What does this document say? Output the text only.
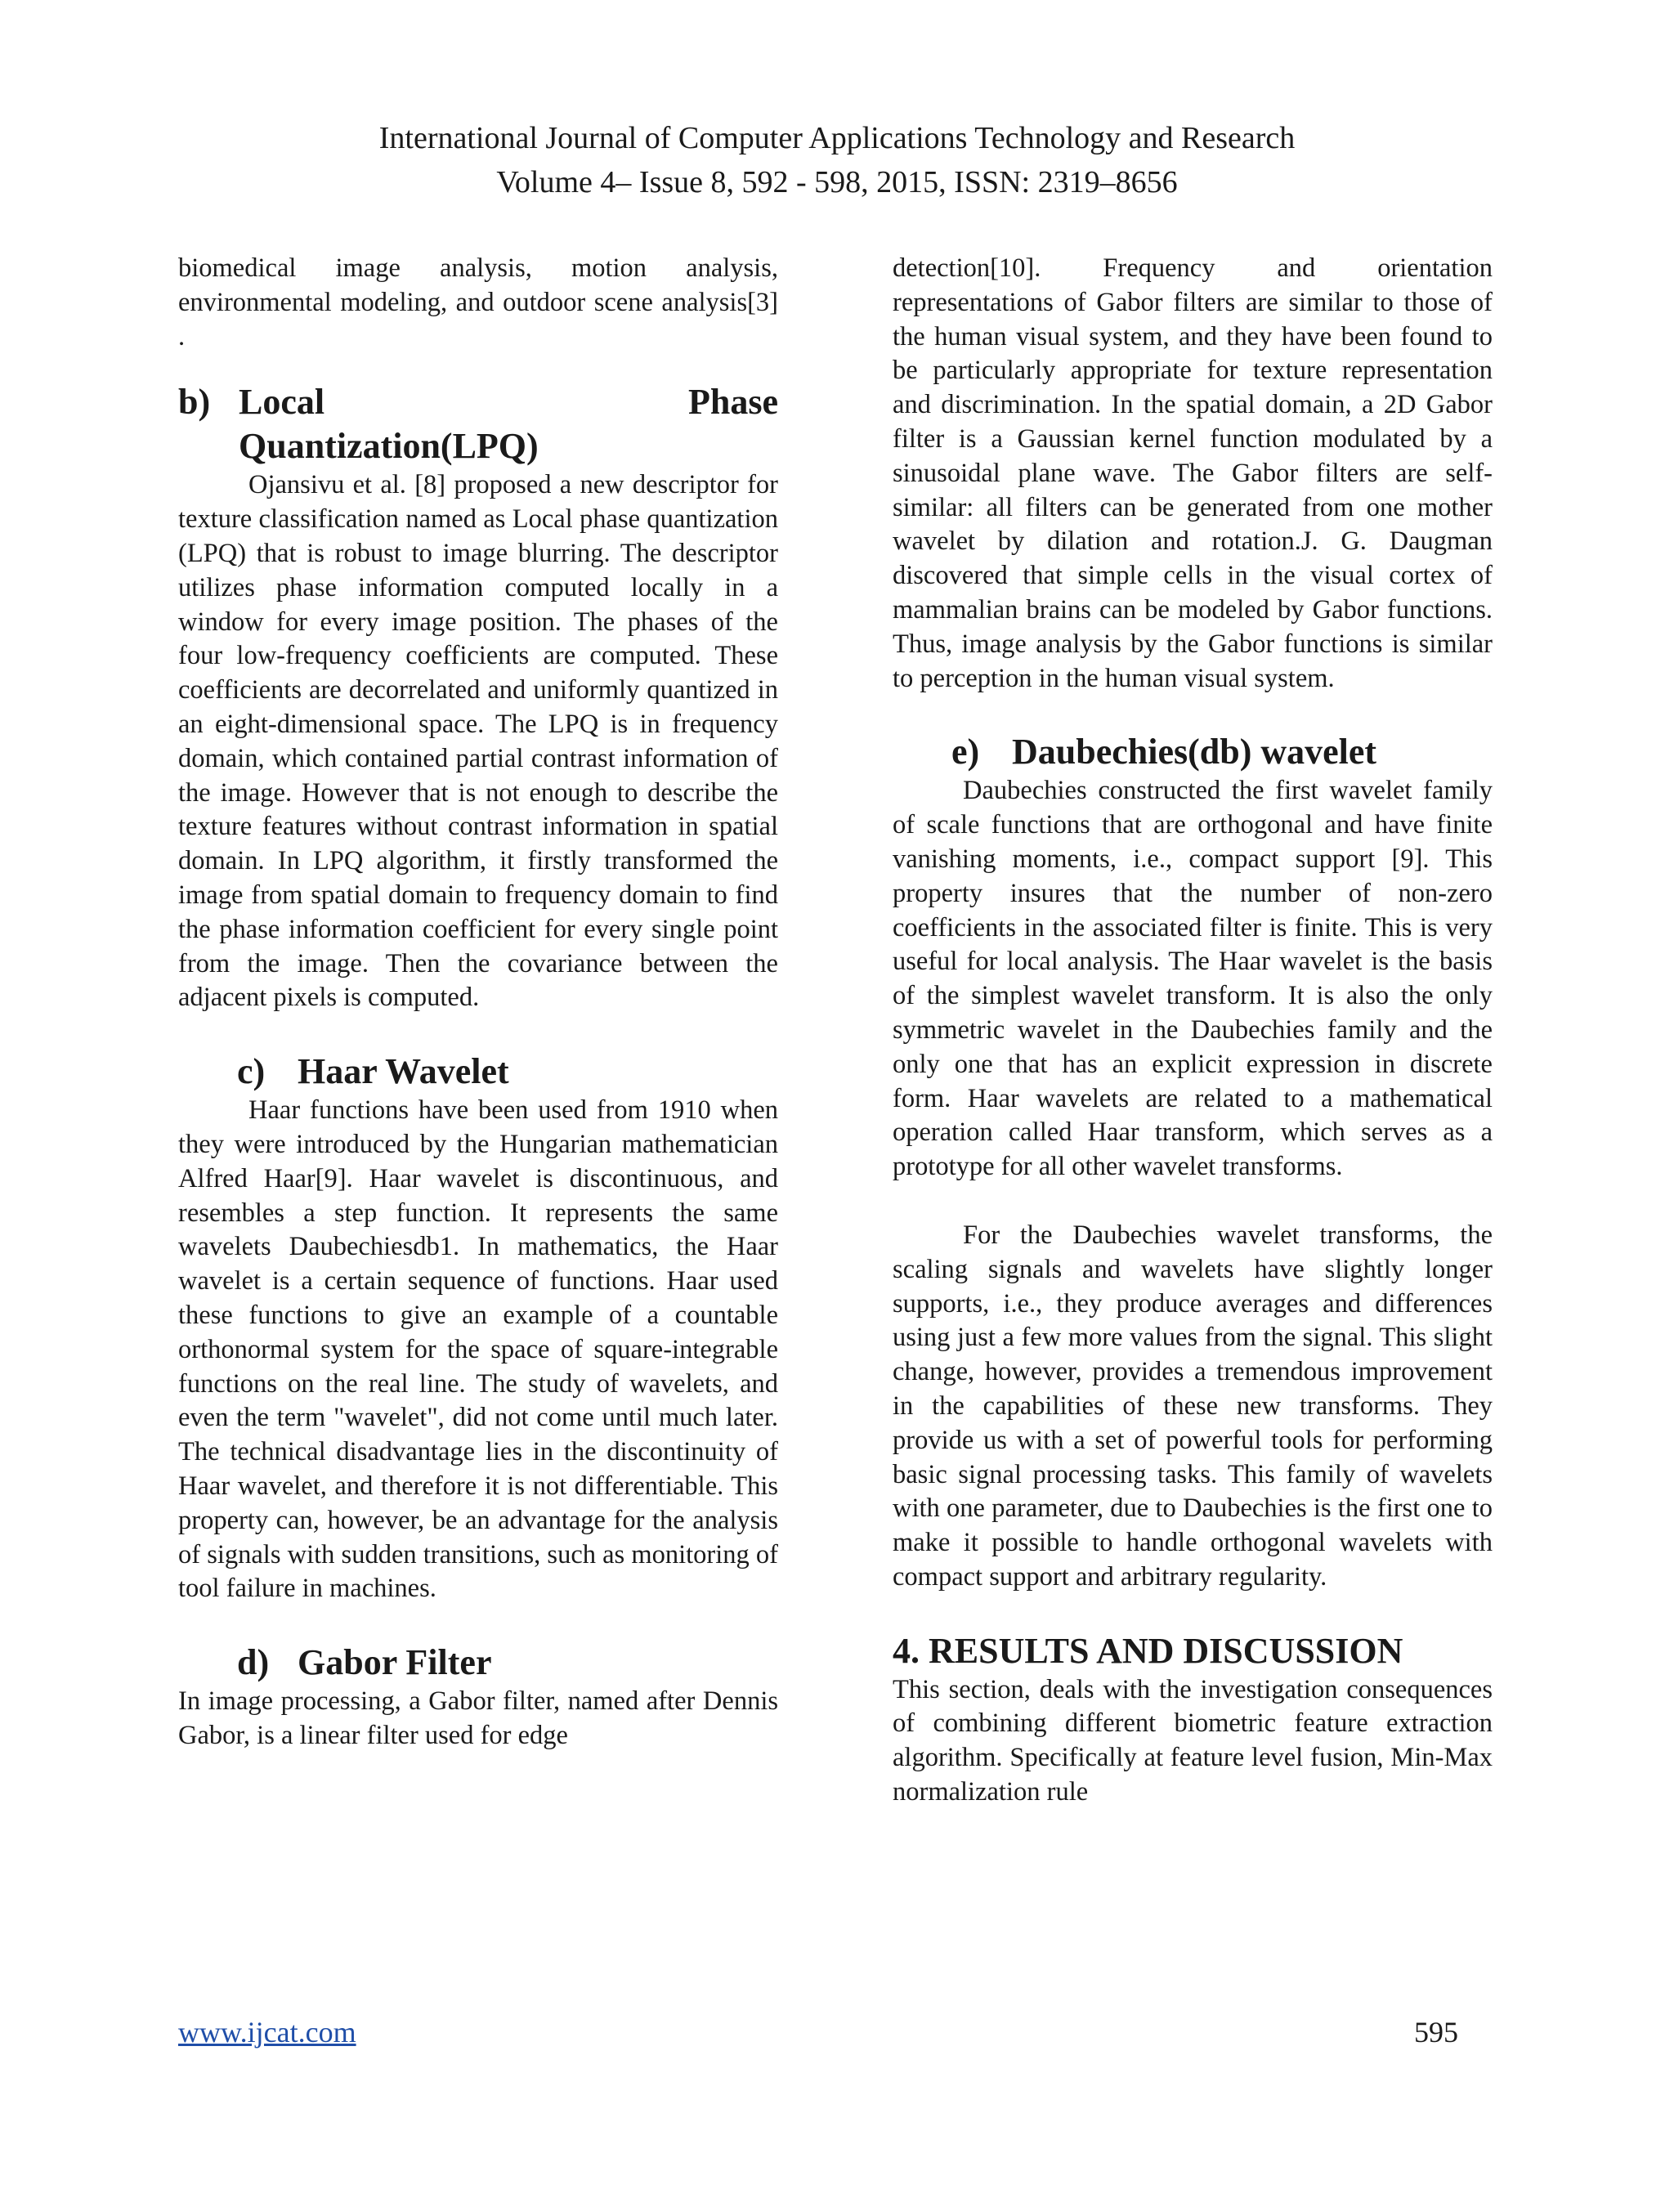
International Journal of Computer Applications Technology and Research
Volume 4– Issue 8, 592 - 598, 2015, ISSN: 2319–8656

biomedical image analysis, motion analysis, environmental modeling, and outdoor scene analysis[3] .

b) Local	Phase
Quantization(LPQ)

Ojansivu et al. [8] proposed a new descriptor for texture classification named as Local phase quantization (LPQ) that is robust to image blurring. The descriptor utilizes phase information computed locally in a window for every image position. The phases of the four low-frequency coefficients are computed. These coefficients are decorrelated and uniformly quantized in an eight-dimensional space. The LPQ is in frequency domain, which contained partial contrast information of the image. However that is not enough to describe the texture features without contrast information in spatial domain. In LPQ algorithm, it firstly transformed the image from spatial domain to frequency domain to find the phase information coefficient for every single point from the image. Then the covariance between the adjacent pixels is computed.

c) Haar Wavelet

Haar functions have been used from 1910 when they were introduced by the Hungarian mathematician Alfred Haar[9]. Haar wavelet is discontinuous, and resembles a step function. It represents the same wavelets Daubechiesdb1. In mathematics, the Haar wavelet is a certain sequence of functions. Haar used these functions to give an example of a countable orthonormal system for the space of square-integrable functions on the real line. The study of wavelets, and even the term "wavelet", did not come until much later. The technical disadvantage lies in the discontinuity of Haar wavelet, and therefore it is not differentiable. This property can, however, be an advantage for the analysis of signals with sudden transitions, such as monitoring of tool failure in machines.

d) Gabor Filter

In image processing, a Gabor filter, named after Dennis Gabor, is a linear filter used for edge

detection[10]. Frequency and orientation representations of Gabor filters are similar to those of the human visual system, and they have been found to be particularly appropriate for texture representation and discrimination. In the spatial domain, a 2D Gabor filter is a Gaussian kernel function modulated by a sinusoidal plane wave. The Gabor filters are self-similar: all filters can be generated from one mother wavelet by dilation and rotation.J. G. Daugman discovered that simple cells in the visual cortex of mammalian brains can be modeled by Gabor functions. Thus, image analysis by the Gabor functions is similar to perception in the human visual system.

e) Daubechies(db) wavelet

Daubechies constructed the first wavelet family of scale functions that are orthogonal and have finite vanishing moments, i.e., compact support [9]. This property insures that the number of non-zero coefficients in the associated filter is finite. This is very useful for local analysis. The Haar wavelet is the basis of the simplest wavelet transform. It is also the only symmetric wavelet in the Daubechies family and the only one that has an explicit expression in discrete form. Haar wavelets are related to a mathematical operation called Haar transform, which serves as a prototype for all other wavelet transforms.

For the Daubechies wavelet transforms, the scaling signals and wavelets have slightly longer supports, i.e., they produce averages and differences using just a few more values from the signal. This slight change, however, provides a tremendous improvement in the capabilities of these new transforms. They provide us with a set of powerful tools for performing basic signal processing tasks. This family of wavelets with one parameter, due to Daubechies is the first one to make it possible to handle orthogonal wavelets with compact support and arbitrary regularity.

4. RESULTS AND DISCUSSION

This section, deals with the investigation consequences of combining different biometric feature extraction algorithm. Specifically at feature level fusion, Min-Max normalization rule

www.ijcat.com	595
